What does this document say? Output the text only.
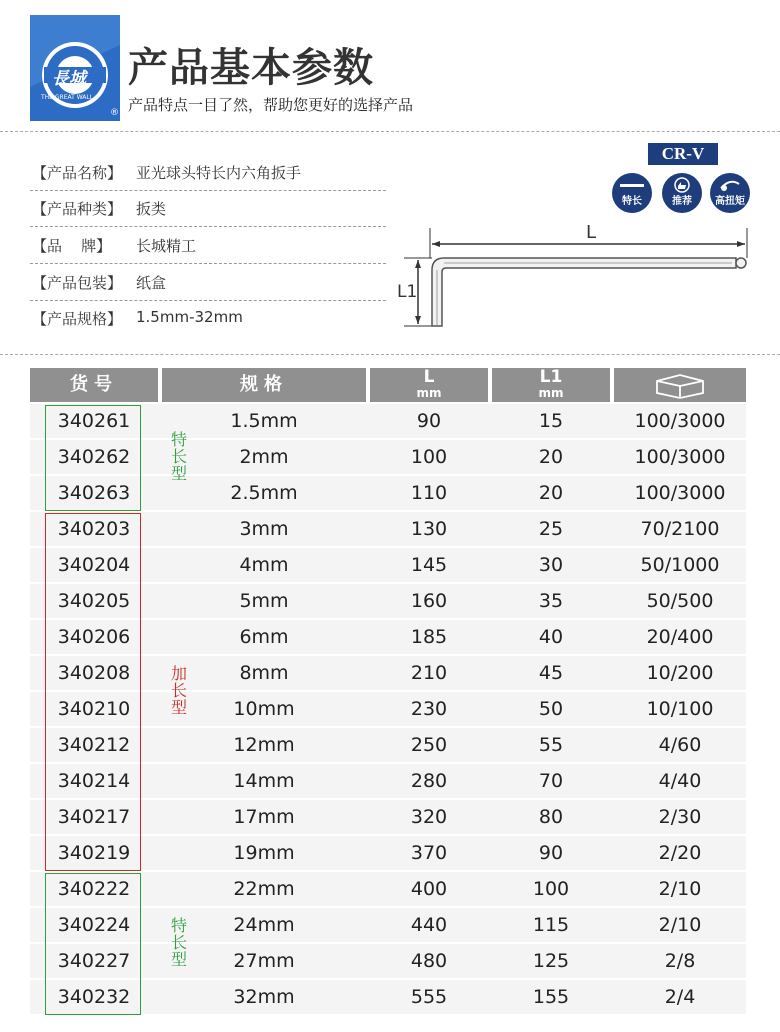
®
長城
THE GREAT WALL
产品基本参数
产品特点一目了然，帮助您更好的选择产品
【产品名称】 亚光球头特长内六角扳手
【产品种类】 扳类
【品    牌】 长城精工
【产品包装】 纸盒
【产品规格】 1.5mm-32mm
CR-V
特长	推荐	高扭矩
L
L1
货号	规格	L
mm
L1
mm
340261	1.5mm	90	15	100/3000
340262	2mm	100	20	100/3000
340263	2.5mm	110	20	100/3000
340203	3mm	130	25	70/2100
340204	4mm	145	30	50/1000
340205	5mm	160	35	50/500
340206	6mm	185	40	20/400
340208	8mm	210	45	10/200
340210	10mm	230	50	10/100
340212	12mm	250	55	4/60
340214	14mm	280	70	4/40
340217	17mm	320	80	2/30
340219	19mm	370	90	2/20
340222	22mm	400	100	2/10
340224	24mm	440	115	2/10
340227	27mm	480	125	2/8
340232	32mm	555	155	2/4
特长型
加长型
特长型
